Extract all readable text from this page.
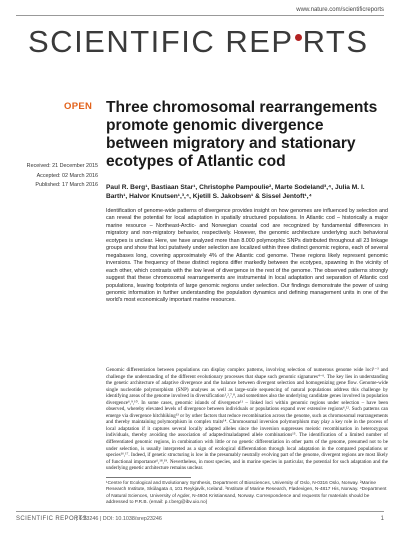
www.nature.com/scientificreports
SCIENTIFIC REP RTS
OPEN Three chromosomal rearrangements promote genomic divergence between migratory and stationary ecotypes of Atlantic cod
Received: 21 December 2015
Accepted: 02 March 2016
Published: 17 March 2016 Paul R. Berg¹, Bastiaan Star¹, Christophe Pampoulie², Marte Sodeland³,⁴, Julia M. I. Barth¹, Halvor Knutsen¹,³,⁴, Kjetill S. Jakobsen¹ & Sissel Jentoft¹,⁴

Identification of genome-wide patterns of divergence provides insight on how genomes are influenced by selection and can reveal the potential for local adaptation in spatially structured populations. In Atlantic cod – historically a major marine resource – Northeast-Arctic- and Norwegian coastal cod are recognized by fundamental differences in migratory and non-migratory behavior, respectively. However, the genomic architecture underlying such behavioral ecotypes is unclear. Here, we have analyzed more than 8.000 polymorphic SNPs distributed throughout all 23 linkage groups and show that loci putatively under selection are localized within three distinct genomic regions, each of several megabases long, covering approximately 4% of the Atlantic cod genome. These regions likely represent genomic inversions. The frequency of these distinct regions differ markedly between the ecotypes, spawning in the vicinity of each other, which contrasts with the low level of divergence in the rest of the genome. The observed patterns strongly suggest that these chromosomal rearrangements are instrumental in local adaptation and separation of Atlantic cod populations, leaving footprints of large genomic regions under selection. Our findings demonstrate the power of using genomic information in further understanding the population dynamics and defining management units in one of the world's most economically important marine resources.

Genomic differentiation between populations can display complex patterns, involving selection of numerous genome wide loci¹⁻³ and challenge the understanding of the different evolutionary processes that shape such genomic signatures⁴⁻⁶. The key lies in understanding the genetic architecture of adaptive divergence and the balance between divergent selection and homogenizing gene flow. Genome-wide single nucleotide polymorphism (SNP) analyses as well as large-scale sequencing of natural populations address this challenge by identifying areas of the genome involved in diversification¹,²,⁷,⁸, and sometimes also the underlying candidate genes involved in population divergence⁶,⁹,¹⁰. In some cases, genomic islands of divergence¹¹ – linked loci within genomic regions under selection – have been observed, whereby elevated levels of divergence between individuals or populations expand over extensive regions⁶,¹². Such patterns can emerge via divergence hitchhiking¹³ or by other factors that reduce recombination across the genome, such as chromosomal rearrangements and thereby maintaining polymorphism in complex traits¹⁴. Chromosomal inversion polymorphism may play a key role in the process of local adaptation if it captures several locally adapted alleles since the inversion suppresses meiotic recombination in heterozygous individuals, thereby avoiding the association of adapted/maladapted allele combinations¹⁵. The identification of a limited number of differentiated genomic regions, in combination with little or no genetic differentiation in other parts of the genome, presumed not to be under selection, is usually interpreted as a sign of ecological differentiation through local adaptation in the compared populations or species¹⁶,¹⁷. Indeed, if genetic structuring is low in the presumably neutrally evolving part of the genome, divergent regions are most likely of functional importance⁶,¹⁸,¹⁹. Nevertheless, in most species, and in marine species in particular, the potential for such adaptation and the underlying genetic architecture remains unclear.

¹Centre for Ecological and Evolutionary Synthesis, Department of Biosciences, University of Oslo, N-0316 Oslo, Norway. ²Marine Research Institute, Skúlagata 4, 101 Reykjavík, Iceland. ³Institute of Marine Research, Flødevigen, N-4817 His, Norway. ⁴Department of Natural Sciences, University of Agder, N-4604 Kristiansand, Norway. Correspondence and requests for materials should be addressed to P.R.B. (email: p.r.berg@ibv.uio.no)

SCIENTIFIC REPORTS
| 6:23246 | DOI: 10.1038/srep23246	1
